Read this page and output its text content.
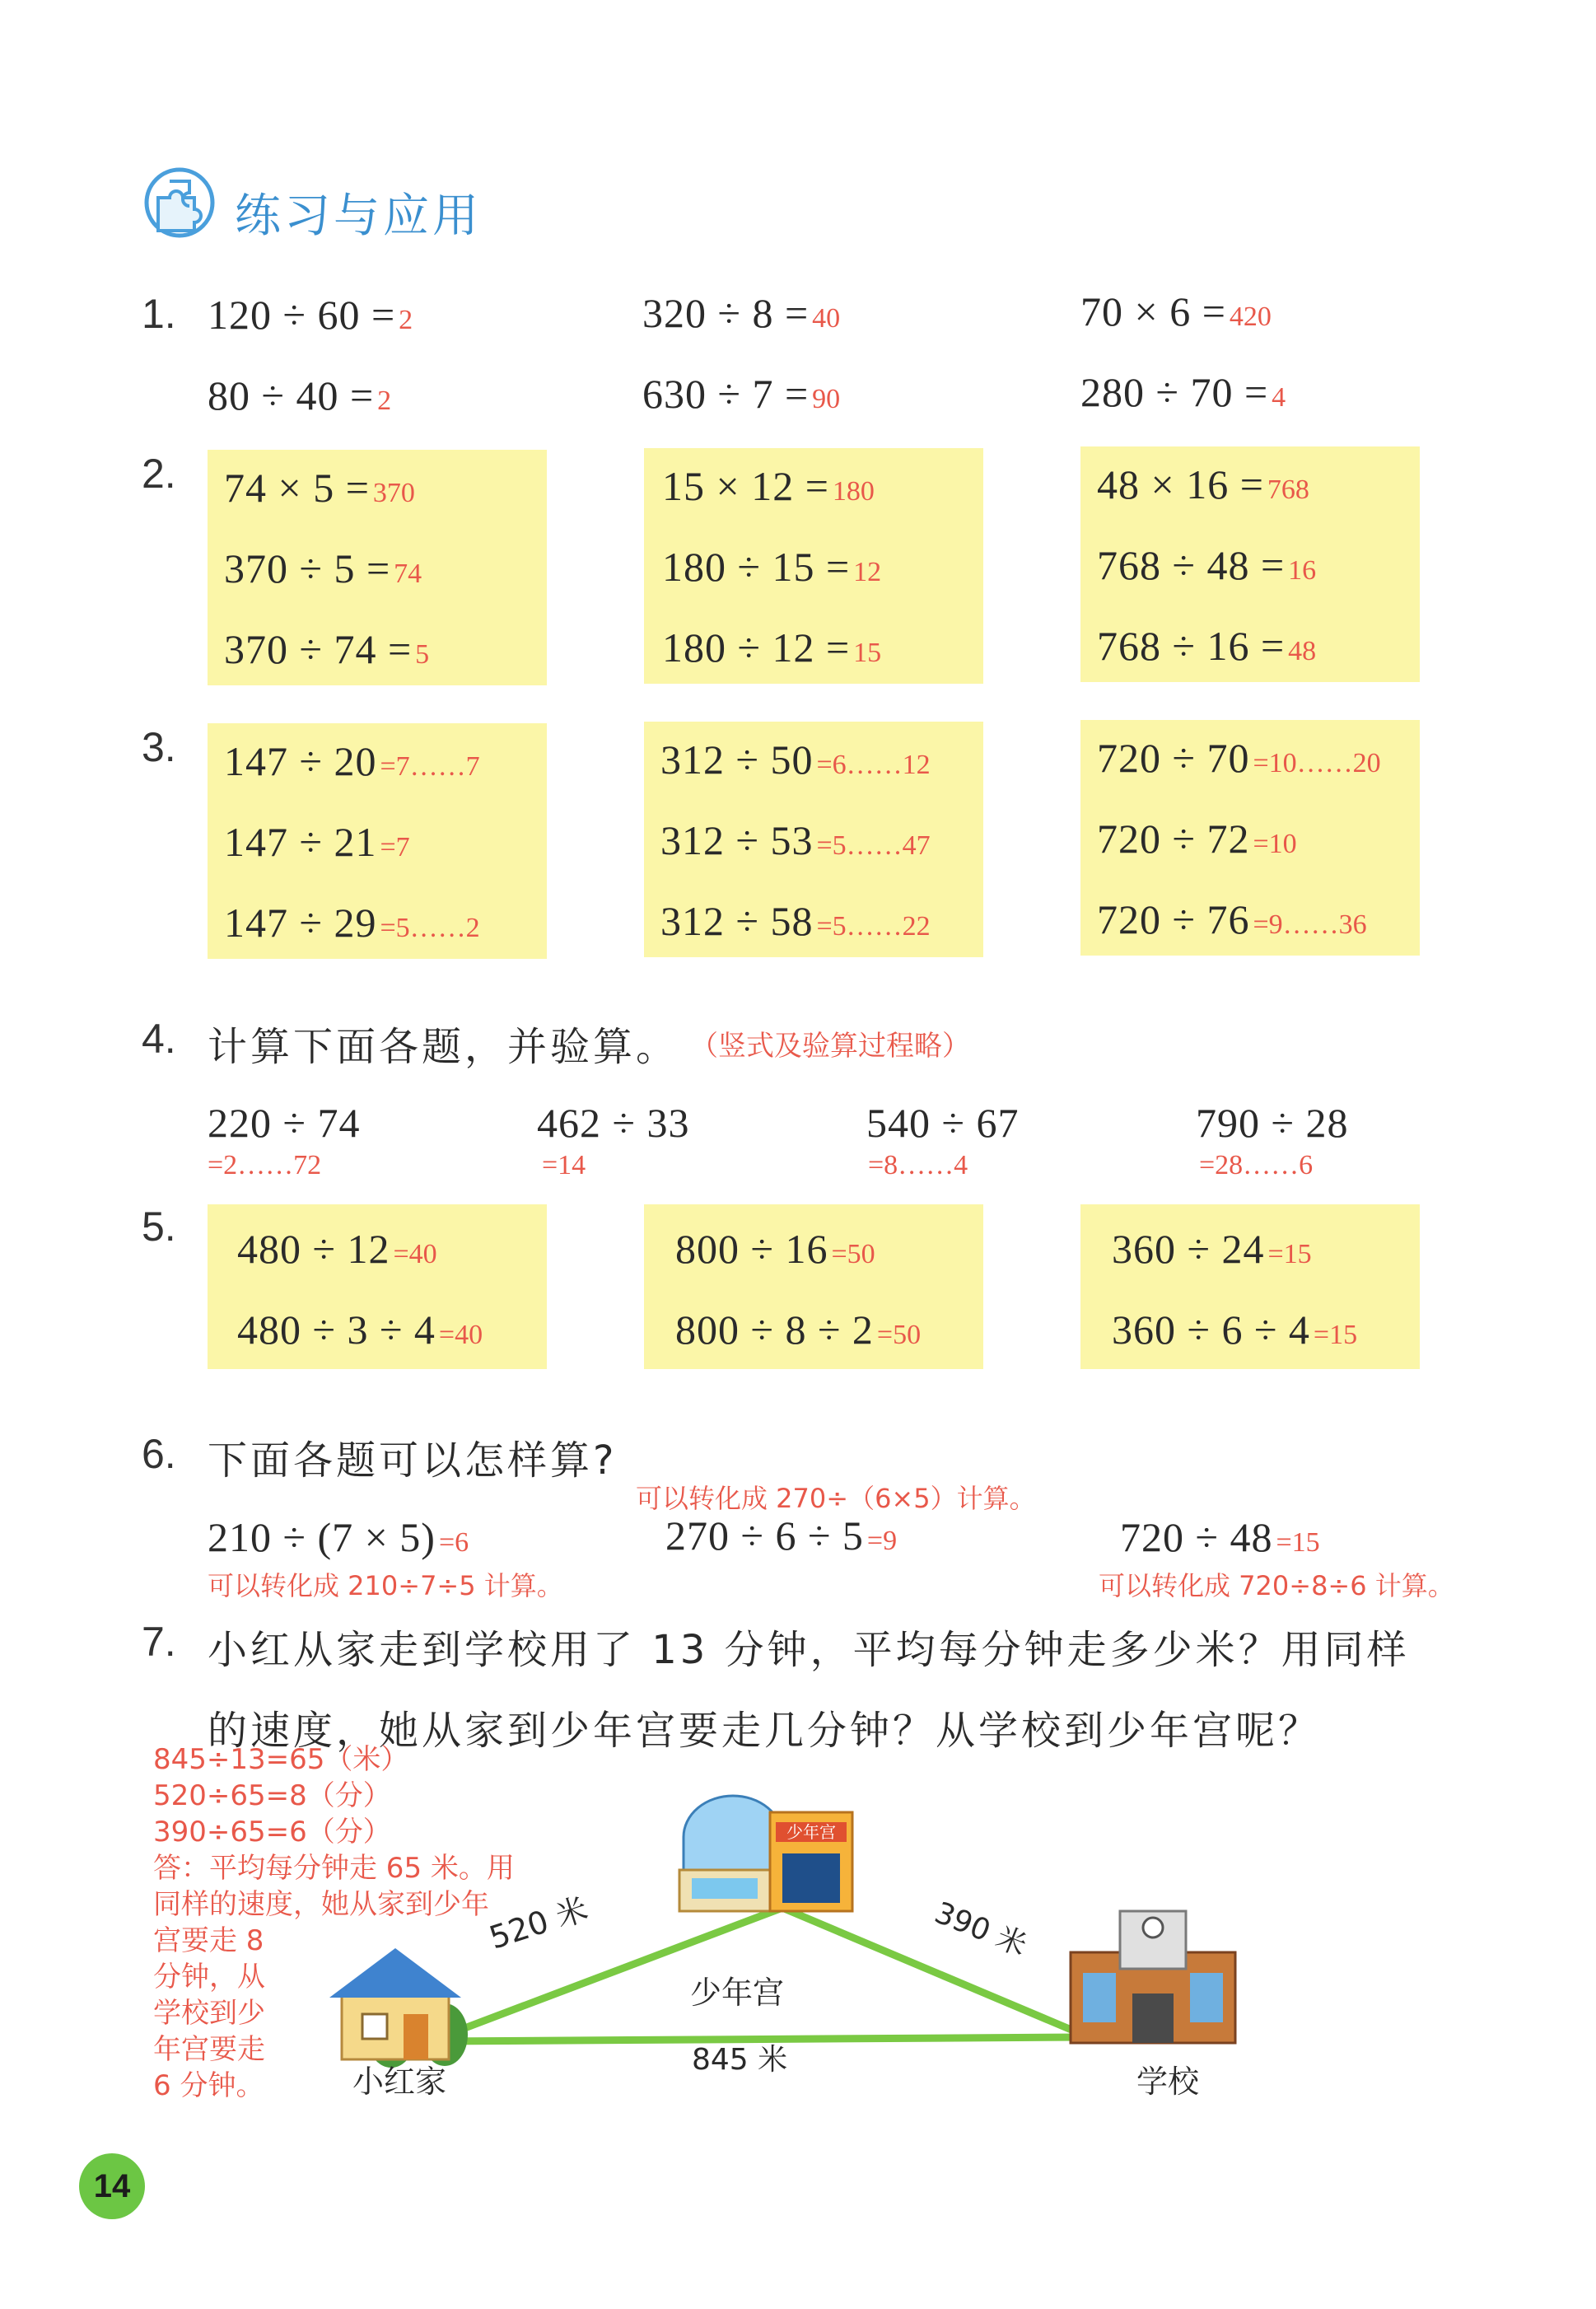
练习与应用
1. 120 ÷ 60 = 2	320 ÷ 8 = 40	70 × 6 = 420
80 ÷ 40 = 2	630 ÷ 7 = 90	280 ÷ 70 = 4
2. 74 × 5 = 370
370 ÷ 5 = 74
370 ÷ 74 = 5
15 × 12 = 180
180 ÷ 15 = 12
180 ÷ 12 = 15
48 × 16 = 768
768 ÷ 48 = 16
768 ÷ 16 = 48
3. 147 ÷ 20 =7……7
147 ÷ 21 =7
147 ÷ 29 =5……2
312 ÷ 50 =6……12
312 ÷ 53 =5……47
312 ÷ 58 =5……22
720 ÷ 70 =10……20
720 ÷ 72 =10
720 ÷ 76 =9……36
4. 计算下面各题，并验算。 （竖式及验算过程略）
220 ÷ 74
=2……72
462 ÷ 33
=14
540 ÷ 67
=8……4
790 ÷ 28
=28……6
5. 480 ÷ 12 =40
480 ÷ 3 ÷ 4 =40
800 ÷ 16 =50
800 ÷ 8 ÷ 2 =50
360 ÷ 24 =15
360 ÷ 6 ÷ 4 =15
6. 下面各题可以怎样算?
可以转化成 270÷（6×5）计算。
210 ÷ (7 × 5) =6	270 ÷ 6 ÷ 5 =9	720 ÷ 48 =15
可以转化成 210÷7÷5 计算。	可以转化成 720÷8÷6 计算。
7. 小红从家走到学校用了 13 分钟，平均每分钟走多少米？用同样
的速度，她从家到少年宫要走几分钟？从学校到少年宫呢？
845÷13=65（米）
520÷65=8（分）
390÷65=6（分）
答：平均每分钟走 65 米。用
同样的速度，她从家到少年
宫要走 8
分钟，从
学校到少
年宫要走
6 分钟。
少年宫
520 米	390 米
少年宫
845 米
小红家	学校
14
